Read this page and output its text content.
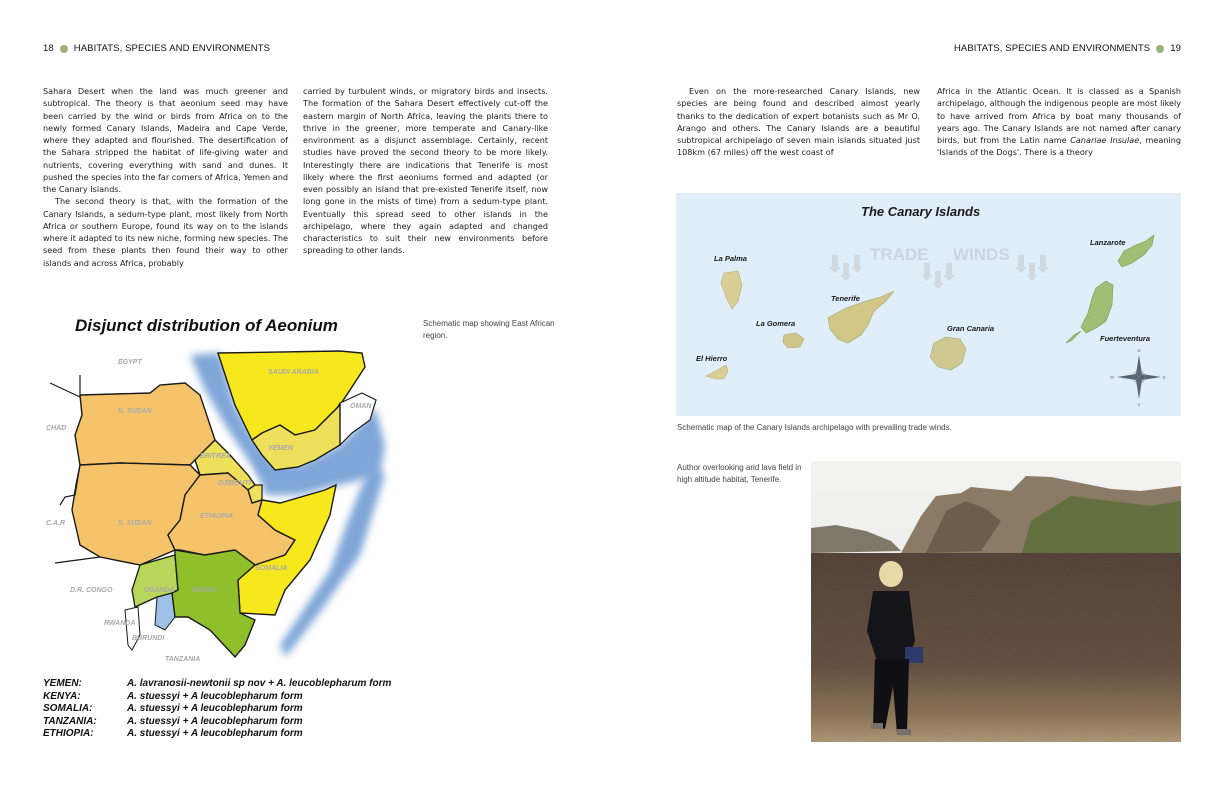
18 HABITATS, SPECIES AND ENVIRONMENTS

Sahara Desert when the land was much greener and subtropical. The theory is that aeonium seed may have been carried by the wind or birds from Africa on to the newly formed Canary Islands, Madeira and Cape Verde, where they adapted and flourished. The desertification of the Sahara stripped the habitat of life-giving water and nutrients, covering everything with sand and dunes. It pushed the species into the far corners of Africa, Yemen and the Canary Islands.

The second theory is that, with the formation of the Canary Islands, a sedum-type plant, most likely from North Africa or southern Europe, found its way on to the islands where it adapted to its new niche, forming new species. The seed from these plants then found their way to other islands and across Africa, probably

carried by turbulent winds, or migratory birds and insects. The formation of the Sahara Desert effectively cut-off the eastern margin of North Africa, leaving the plants there to thrive in the greener, more temperate and Canary-like environment as a disjunct assemblage. Certainly, recent studies have proved the second theory to be more likely. Interestingly there are indications that Tenerife is most likely where the first aeoniums formed and adapted (or even possibly an island that pre-existed Tenerife itself, now long gone in the mists of time) from a sedum-type plant. Eventually this spread seed to other islands in the archipelago, where they again adapted and changed characteristics to suit their new environments before spreading to other lands.

Disjunct distribution of Aeonium	Schematic map showing East African region.
EGYPT
SAUDI ARABIA
OMAN
N. SUDAN
CHAD
YEMEN
ERITREA
DJIBOUTI
ETHIOPIA
C.A.R	S. SUDAN
SOMALIA
D.R. CONGO	UGANDA KENYA
RWANDA
BURUNDI
TANZANIA
YEMEN:	A. lavranosii-newtonii sp nov + A. leucoblepharum form
KENYA:	A. stuessyi + A leucoblepharum form
SOMALIA:	A. stuessyi + A leucoblepharum form
TANZANIA:	A. stuessyi + A leucoblepharum form
ETHIOPIA:	A. stuessyi + A leucoblepharum form
HABITATS, SPECIES AND ENVIRONMENTS 19

Even on the more-researched Canary Islands, new species are being found and described almost yearly thanks to the dedication of expert botanists such as Mr O. Arango and others. The Canary Islands are a beautiful subtropical archipelago of seven main islands situated just 108km (67 miles) off the west coast of

Africa in the Atlantic Ocean. It is classed as a Spanish archipelago, although the indigenous people are most likely to have arrived from Africa by boat many thousands of years ago. The Canary Islands are not named after canary birds, but from the Latin name Canariae Insulae, meaning 'Islands of the Dogs'. There is a theory

The Canary Islands
TRADE WINDS
La Palma
Tenerife
La Gomera
Gran Canaria
El Hierro
Lanzarote
Fuerteventura
N
S
E
W
Schematic map of the Canary Islands archipelago with prevailing trade winds.
Author overlooking arid lava field in high altitude habitat, Tenerife.
